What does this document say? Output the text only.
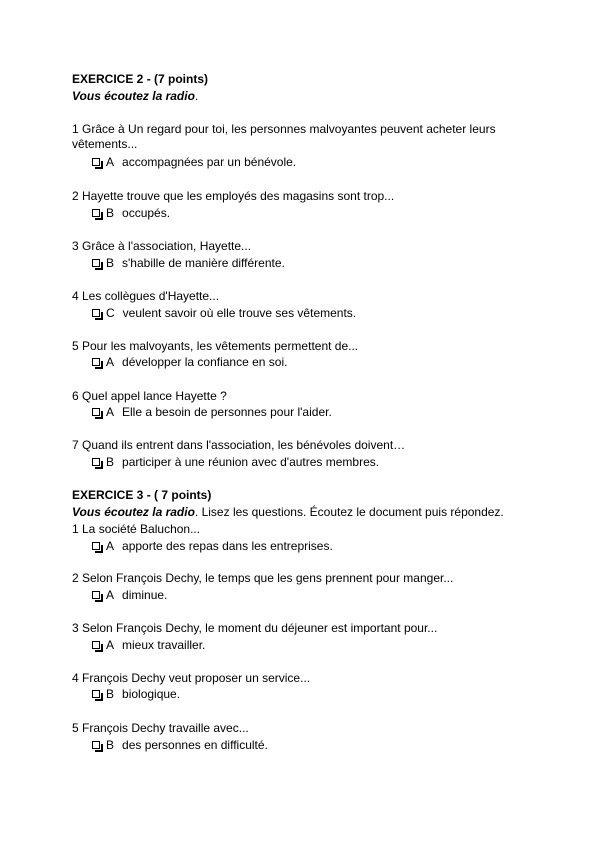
EXERCICE 2 - (7 points)
Vous écoutez la radio.
1 Grâce à Un regard pour toi, les personnes malvoyantes peuvent acheter leurs vêtements...
A accompagnées par un bénévole.
2 Hayette trouve que les employés des magasins sont trop...
B occupés.
3 Grâce à l'association, Hayette...
B s'habille de manière différente.
4 Les collègues d'Hayette...
C veulent savoir où elle trouve ses vêtements.
5 Pour les malvoyants, les vêtements permettent de...
A développer la confiance en soi.
6 Quel appel lance Hayette ?
A Elle a besoin de personnes pour l'aider.
7 Quand ils entrent dans l'association, les bénévoles doivent…
B participer à une réunion avec d'autres membres.
EXERCICE 3 - ( 7 points)
Vous écoutez la radio. Lisez les questions. Écoutez le document puis répondez.
1 La société Baluchon...
A apporte des repas dans les entreprises.
2 Selon François Dechy, le temps que les gens prennent pour manger...
A diminue.
3 Selon François Dechy, le moment du déjeuner est important pour...
A mieux travailler.
4 François Dechy veut proposer un service...
B biologique.
5 François Dechy travaille avec...
B des personnes en difficulté.
